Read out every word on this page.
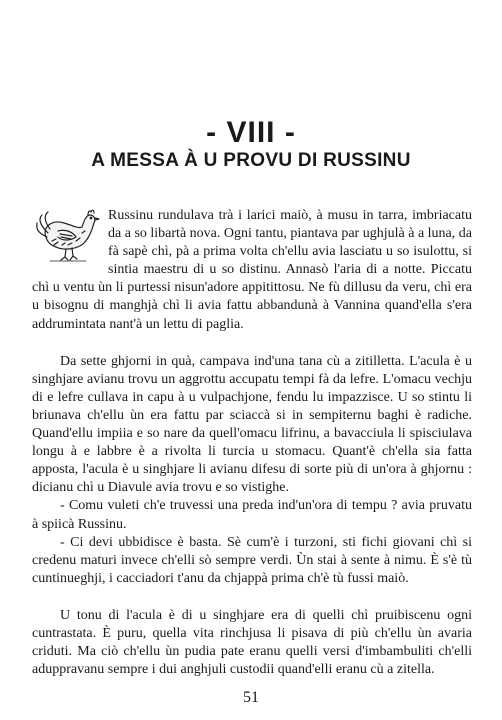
- VIII -
A MESSA À U PROVU DI RUSSINU

Russinu rundulava trà i larici maiò, à musu in tarra, imbriacatu da a so libartà nova. Ogni tantu, piantava par ughjulà à a luna, da fà sapè chì, pà a prima volta ch'ellu avia lasciatu u so isulottu, si sintia maestru di u so distinu. Annasò l'aria di a notte. Piccatu chì u ventu ùn li purtessi nisun'adore appitittosu. Ne fù dillusu da veru, chì era u bisognu di manghjà chì li avia fattu abbandunà à Vannina quand'ella s'era addrumintata nant'à un lettu di paglia.

Da sette ghjorni in quà, campava ind'una tana cù a zitilletta. L'acula è u singhjare avianu trovu un aggrottu accupatu tempi fà da lefre. L'omacu vechju di e lefre cullava in capu à u vulpachjone, fendu lu impazzisce. U so stintu li briunava ch'ellu ùn era fattu par sciaccà si in sempiternu baghi è radiche. Quand'ellu impiia e so nare da quell'omacu lifrinu, a bavacciula li spisciulava longu à e labbre è a rivolta li turcia u stomacu. Quant'è ch'ella sia fatta apposta, l'acula è u singhjare li avianu difesu di sorte più di un'ora à ghjornu : dicianu chì u Diavule avia trovu e so vistighe.

- Comu vuleti ch'e truvessi una preda ind'un'ora di tempu ? avia pruvatu à spiicà Russinu.

- Ci devi ubbidisce è basta. Sè cum'è i turzoni, sti fichi giovani chì si credenu maturi invece ch'elli sò sempre verdi. Ùn stai à sente à nimu. È s'è tù cuntinueghji, i cacciadori t'anu da chjappà prima ch'è tù fussi maiò.

U tonu di l'acula è di u singhjare era di quelli chì pruibiscenu ogni cuntrastata. È puru, quella vita rinchjusa li pisava di più ch'ellu ùn avaria criduti. Ma ciò ch'ellu ùn pudia pate eranu quelli versi d'imbambuliti ch'elli aduppravanu sempre i dui anghjuli custodii quand'elli eranu cù a zitella.

51
